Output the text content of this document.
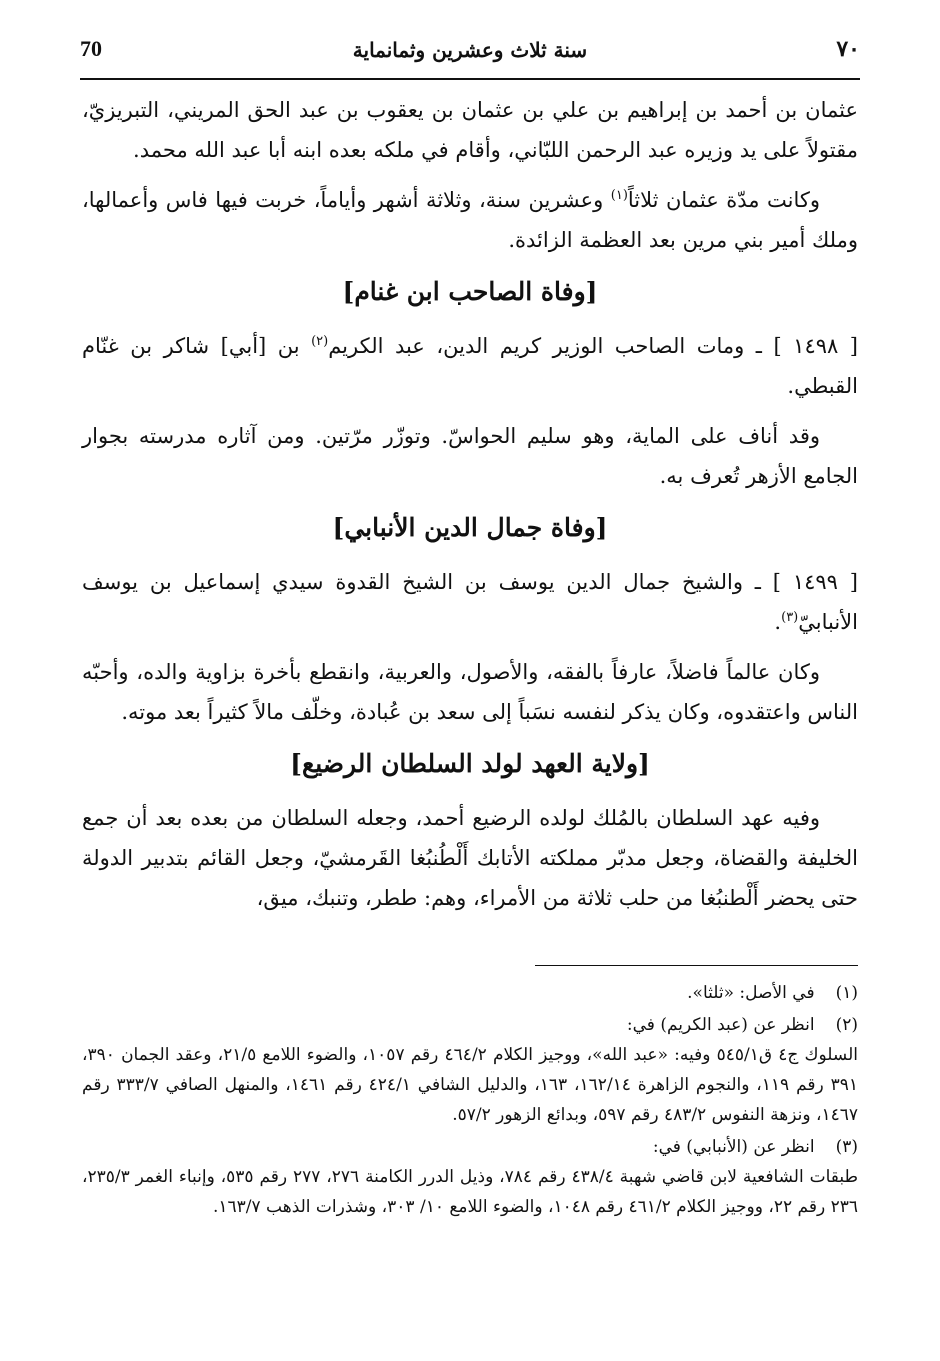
٧٠
سنة ثلاث وعشرين وثمانماية
70

عثمان بن أحمد بن إبراهيم بن علي بن عثمان بن يعقوب بن عبد الحق المريني، التبريزيّ، مقتولاً على يد وزيره عبد الرحمن اللبّاني، وأقام في ملكه بعده ابنه أبا عبد الله محمد.

وكانت مدّة عثمان ثلاثاً$^{(١)}$ وعشرين سنة، وثلاثة أشهر وأياماً، خربت فيها فاس وأعمالها، وملك أمير بني مرين بعد العظمة الزائدة.

[وفاة الصاحب ابن غنام]

[ ١٤٩٨ ] ـ ومات الصاحب الوزير كريم الدين، عبد الكريم$^{(٢)}$ بن [أبي] شاكر بن غنّام القبطي.

وقد أناف على الماية، وهو سليم الحواسّ. وتوزّر مرّتين. ومن آثاره مدرسته بجوار الجامع الأزهر تُعرف به.

[وفاة جمال الدين الأنبابي]

[ ١٤٩٩ ] ـ والشيخ جمال الدين يوسف بن الشيخ القدوة سيدي إسماعيل بن يوسف الأنبابيّ$^{(٣)}$.

وكان عالماً فاضلاً، عارفاً بالفقه، والأصول، والعربية، وانقطع بأخرة بزاوية والده، وأحبّه الناس واعتقدوه، وكان يذكر لنفسه نسَباً إلى سعد بن عُبادة، وخلّف مالاً كثيراً بعد موته.

[ولاية العهد لولد السلطان الرضيع]

وفيه عهد السلطان بالمُلك لولده الرضيع أحمد، وجعله السلطان من بعده بعد أن جمع الخليفة والقضاة، وجعل مدبّر مملكته الأتابك أَلْطُنبُغا القَرمشيّ، وجعل القائم بتدبير الدولة حتى يحضر أَلْطنبُغا من حلب ثلاثة من الأمراء، وهم: ططر، وتنبك، ميق،

(١) في الأصل: «ثلثا».
(٢) انظر عن (عبد الكريم) في:
السلوك ج٤ ق٥٤٥/١ وفيه: «عبد الله»، ووجيز الكلام ٤٦٤/٢ رقم ١٠٥٧، والضوء اللامع ٢١/٥، وعقد الجمان ٣٩٠، ٣٩١ رقم ١١٩، والنجوم الزاهرة ١٦٢/١٤، ١٦٣، والدليل الشافي ٤٢٤/١ رقم ١٤٦١، والمنهل الصافي ٣٣٣/٧ رقم ١٤٦٧، ونزهة النفوس ٤٨٣/٢ رقم ٥٩٧، وبدائع الزهور ٥٧/٢.
(٣) انظر عن (الأنبابي) في:
طبقات الشافعية لابن قاضي شهبة ٤٣٨/٤ رقم ٧٨٤، وذيل الدرر الكامنة ٢٧٦، ٢٧٧ رقم ٥٣٥، وإنباء الغمر ٢٣٥/٣، ٢٣٦ رقم ٢٢، ووجيز الكلام ٤٦١/٢ رقم ١٠٤٨، والضوء اللامع ١٠/ ٣٠٣، وشذرات الذهب ١٦٣/٧.
